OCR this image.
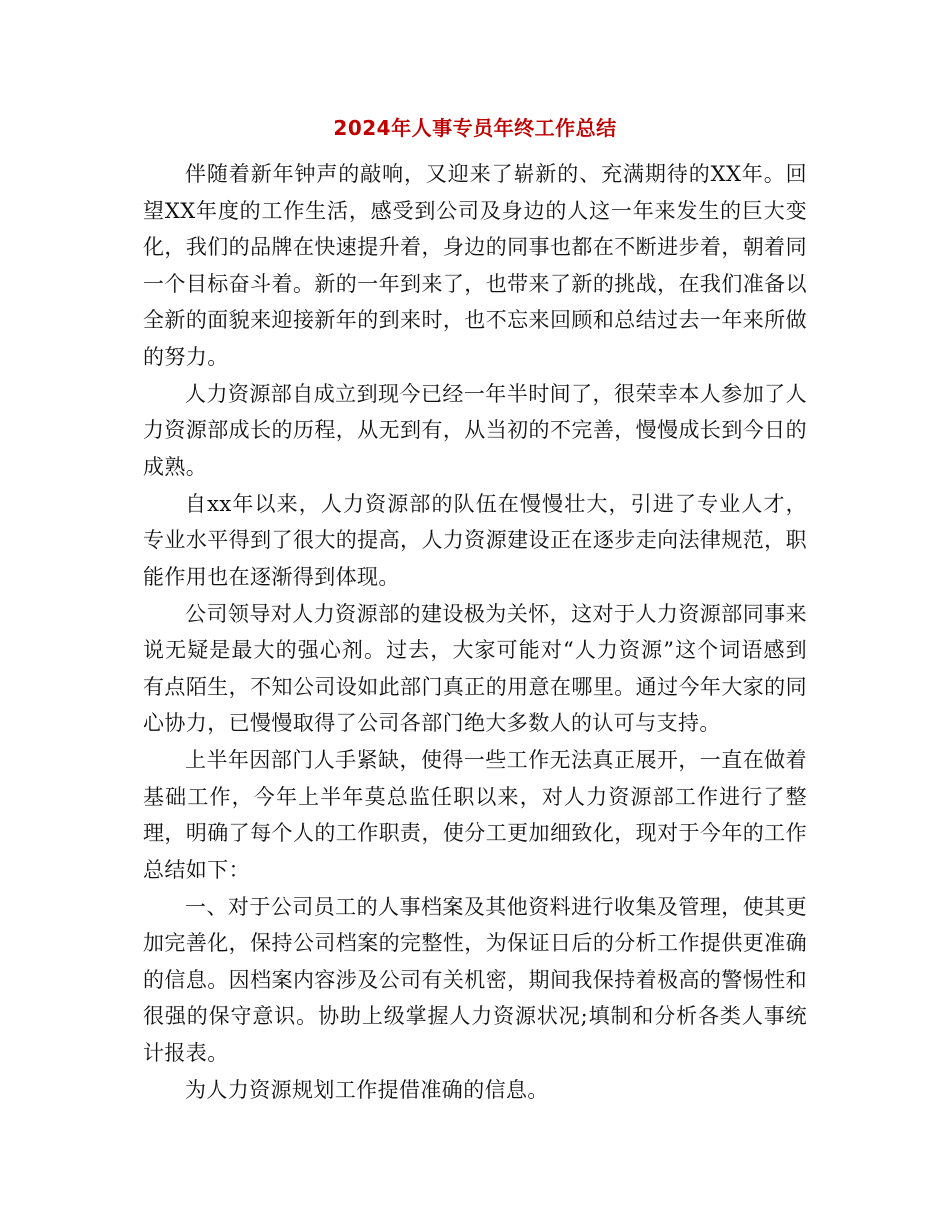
2024年人事专员年终工作总结

伴随着新年钟声的敲响，又迎来了崭新的、充满期待的XX年。回望XX年度的工作生活，感受到公司及身边的人这一年来发生的巨大变化，我们的品牌在快速提升着，身边的同事也都在不断进步着，朝着同一个目标奋斗着。新的一年到来了，也带来了新的挑战，在我们准备以全新的面貌来迎接新年的到来时，也不忘来回顾和总结过去一年来所做的努力。

人力资源部自成立到现今已经一年半时间了，很荣幸本人参加了人力资源部成长的历程，从无到有，从当初的不完善，慢慢成长到今日的成熟。

自xx年以来，人力资源部的队伍在慢慢壮大，引进了专业人才，专业水平得到了很大的提高，人力资源建设正在逐步走向法律规范，职能作用也在逐渐得到体现。

公司领导对人力资源部的建设极为关怀，这对于人力资源部同事来说无疑是最大的强心剂。过去，大家可能对“人力资源”这个词语感到有点陌生，不知公司设如此部门真正的用意在哪里。通过今年大家的同心协力，已慢慢取得了公司各部门绝大多数人的认可与支持。

上半年因部门人手紧缺，使得一些工作无法真正展开，一直在做着基础工作，今年上半年莫总监任职以来，对人力资源部工作进行了整理，明确了每个人的工作职责，使分工更加细致化，现对于今年的工作总结如下：

一、对于公司员工的人事档案及其他资料进行收集及管理，使其更加完善化，保持公司档案的完整性，为保证日后的分析工作提供更准确的信息。因档案内容涉及公司有关机密，期间我保持着极高的警惕性和很强的保守意识。协助上级掌握人力资源状况;填制和分析各类人事统计报表。

为人力资源规划工作提借准确的信息。
